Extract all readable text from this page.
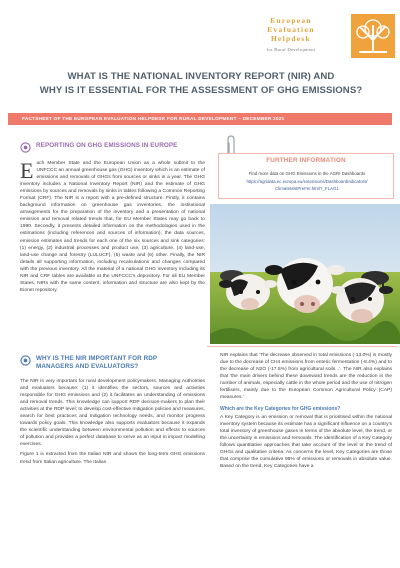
European
Evaluation
Helpdesk
for Rural Development
WHAT IS THE NATIONAL INVENTORY REPORT (NIR) AND
WHY IS IT ESSENTIAL FOR THE ASSESSMENT OF GHG EMISSIONS?
FACTSHEET OF THE EUROPEAN EVALUATION HELPDESK FOR RURAL DEVELOPMENT – DECEMBER 2021
REPORTING ON GHG EMISSIONS IN EUROPE
Each Member State and the European Union as a whole submit to the UNFCCC an annual greenhouse gas (GHG) inventory which is an estimate of emissions and removals of GHGs from sources or sinks in a year. The GHG inventory includes a National Inventory Report (NIR) and the estimate of GHG emissions by sources and removals by sinks in tables following a Common Reporting Format (CRF). The NIR is a report with a pre-defined structure. Firstly, it contains background information on greenhouse gas inventories, the institutional arrangements for the preparation of the inventory and a presentation of national emission and removal related trends that, for EU Member States may go back to 1980. Secondly, it presents detailed information on the methodologies used in the estimations (including references and sources of information), the data sources, emission estimates and trends for each one of the six sources and sink categories: (1) energy, (2) industrial processes and product use, (3) agriculture, (4) land-use, land-use change and forestry (LULUCF), (5) waste and (6) other. Finally, the NIR details all supporting information, including recalculations and changes compared with the previous inventory. All the material of a national GHG inventory including its NIR and CRF tables are available at the UNFCCC's depository. For all EU Member States, NIRs with the same content, information and structure are also kept by the Eionet repository.
FURTHER INFORMATION
Find more data on GHG Emissions in the AGRI Dashboards
https://agridata.ec.europa.eu/extensions/DashboardIndicators/
ClimateMntPreFer.html?_FLAG1
WHY IS THE NIR IMPORTANT FOR RDP
MANAGERS AND EVALUATORS?

The NIR is very important for rural development policymakers, Managing Authorities and evaluators because: (1) it identifies the sectors, sources and activities responsible for GHG emissions and (2) it facilitates an understanding of emissions and removal trends. This knowledge can support RDP decision-makers to plan their activities at the RDP level; to develop cost-effective mitigation policies and measures, search for best practices and mitigation technology needs, and monitor progress towards policy goals. This knowledge also supports evaluators because it expands the scientific understanding between environmental pollution and effects to sources of pollution and provides a perfect database to serve as an input in impact modelling exercises.

Figure 1 is extracted from the Italian NIR and shows the long-term GHG emissions trend from Italian agriculture. The Italian

NIR explains that 'The decrease observed in total emissions (-13.0%) is mostly due to the decrease of CH4 emissions from enteric fermentation (-8.4%) and to the decrease of N2O (-17.5%) from agricultural soils...'. The NIR also explains that 'the main drivers behind these downward trends are the reduction in the number of animals, especially cattle in the whole period and the use of nitrogen fertilisers, mainly due to the European Common Agricultural Policy (CAP) measures.'
Which are the Key Categories for GHG emissions?
A Key Category is an emission or removal that is prioritised within the national inventory system because its estimate has a significant influence on a country's total inventory of greenhouse gases in terms of the absolute level, the trend, or the uncertainty in emissions and removals. The identification of a Key Category follows quantitative approaches that take account of the level or the trend of GHGs and qualitative criteria. As concerns the level, Key Categories are those that comprise the cumulative 95% of emissions or removals in absolute value. Based on the trend, Key Categories have a
